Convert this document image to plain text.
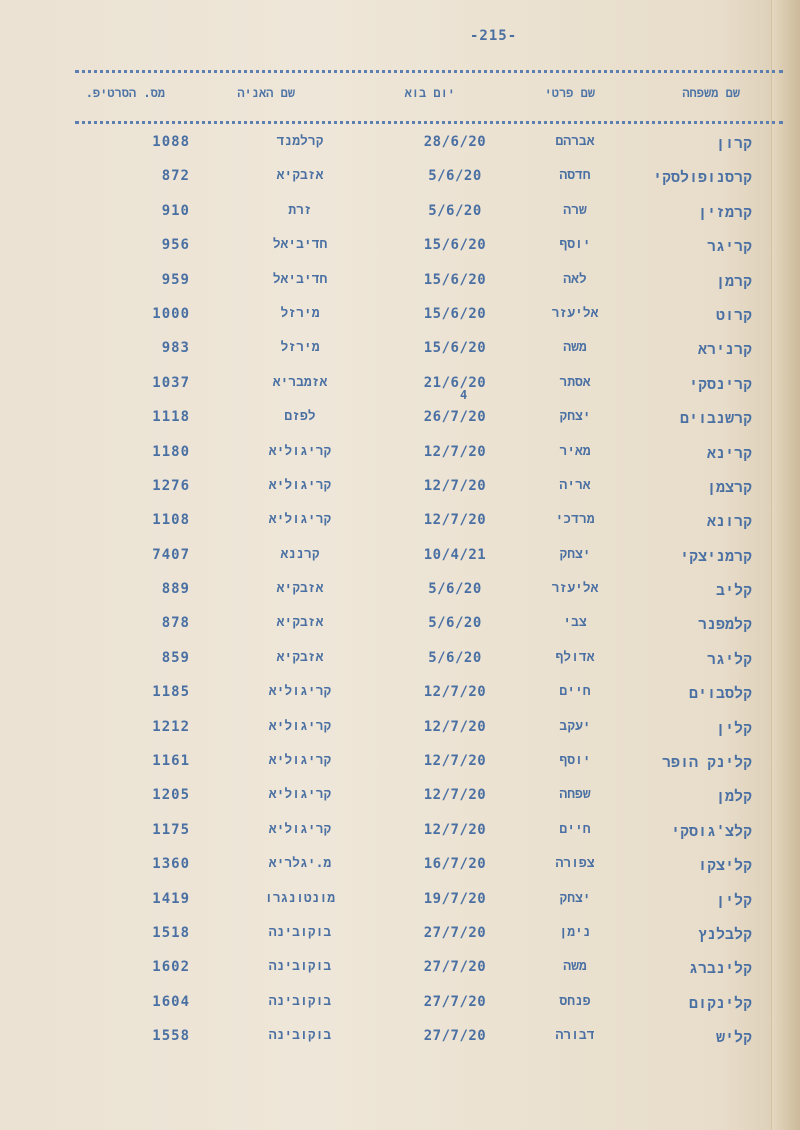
-215-
שם משפחה
שם פרטי
יום בוא
שם האניה
מס. הסרטיפ.
4
קרון
אברהם
28/6/20
קרלמנד
1088
קרסנופולסקי
חדסה
5/6/20
אזבקיא
872
קרמזין
שרה
5/6/20
זרת
910
קריגר
יוסף
15/6/20
חדיביאל
956
קרמן
לאה
15/6/20
חדיביאל
959
קרוט
אליעזר
15/6/20
מירזל
1000
קרנירא
משה
15/6/20
מירזל
983
קרינסקי
אסתר
21/6/20
אזמבריא
1037
קרשנבוים
יצחק
26/7/20
לפזם
1118
קרינא
מאיר
12/7/20
קריגוליא
1180
קרצמן
אריה
12/7/20
קריגוליא
1276
קרונא
מרדכי
12/7/20
קריגוליא
1108
קרמניצקי
יצחק
10/4/21
קרננא
7407
קליב
אליעזר
5/6/20
אזבקיא
889
קלמפנר
צבי
5/6/20
אזבקיא
878
קליגר
אדולף
5/6/20
אזבקיא
859
קלסבוים
חיים
12/7/20
קריגוליא
1185
קלין
יעקב
12/7/20
קריגוליא
1212
קלינק הופר
יוסף
12/7/20
קריגוליא
1161
קלמן
שפחה
12/7/20
קריגוליא
1205
קלצ'גוסקי
חיים
12/7/20
קריגוליא
1175
קליצקו
צפורה
16/7/20
מ.יגלריא
1360
קלין
יצחק
19/7/20
מונטונגרו
1419
קלבלנץ
נימן
27/7/20
בוקובינה
1518
קלינברג
משה
27/7/20
בוקובינה
1602
קלינקום
פנחס
27/7/20
בוקובינה
1604
קליש
דבורה
27/7/20
בוקובינה
1558
